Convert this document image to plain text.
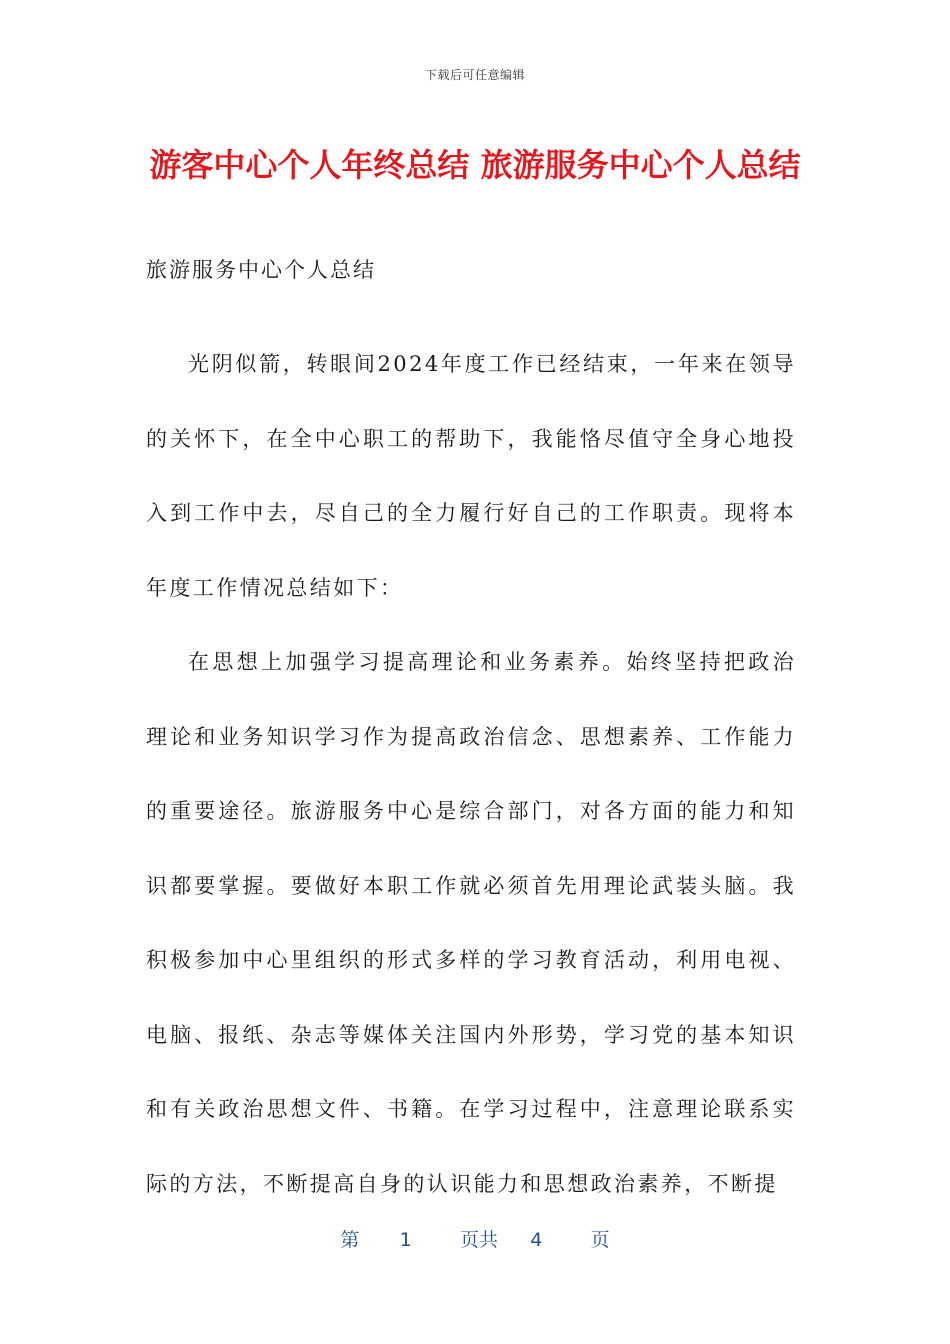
下载后可任意编辑
游客中心个人年终总结 旅游服务中心个人总结
旅游服务中心个人总结

光阴似箭，转眼间2024年度工作已经结束，一年来在领导的关怀下，在全中心职工的帮助下，我能恪尽值守全身心地投入到工作中去，尽自己的全力履行好自己的工作职责。现将本年度工作情况总结如下：

在思想上加强学习提高理论和业务素养。始终坚持把政治理论和业务知识学习作为提高政治信念、思想素养、工作能力的重要途径。旅游服务中心是综合部门，对各方面的能力和知识都要掌握。要做好本职工作就必须首先用理论武装头脑。我积极参加中心里组织的形式多样的学习教育活动，利用电视、电脑、报纸、杂志等媒体关注国内外形势，学习党的基本知识和有关政治思想文件、书籍。在学习过程中，注意理论联系实际的方法，不断提高自身的认识能力和思想政治素养，不断提

第 1	页共 4	页
